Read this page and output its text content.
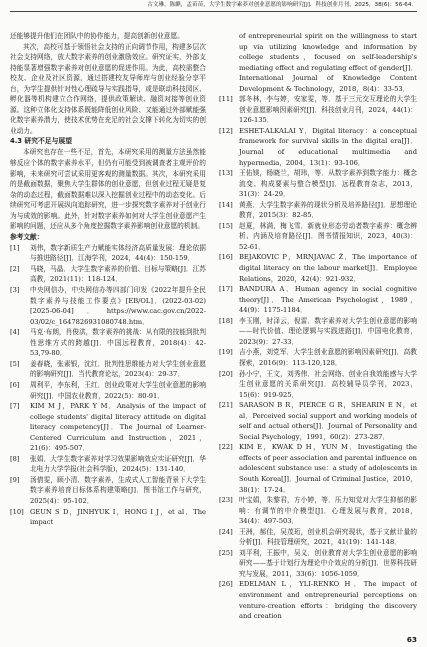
古文琳，陈麒，孟苗苗，大学生数字素养对创业意愿的影响研究[J]．科技创业月刊，2025，38(6)：56-64．

还能够提升他们在团队中的协作能力，提高创新创业意愿。

其次，高校可基于领悟社会支持的正向调节作用，构建多层次社会支持网络，放大数字素养的创业激励效应。研究证实，外部支持能显著增强数字素养对创业意愿的促进作用。为此，高校需整合校友、企业及社区资源，通过搭建校友导师库与创业经验分享平台，为学生提供针对性心理疏导与实践指导，或是联动科技园区、孵化器等机构建立合作网络，提供政策解读、融资对接等创业资源。这种立体化支持体系既能降低创业风险、又能通过外部赋能强化数字素养潜力，使技术优势在充足的社会支撑下转化为切实的创业动力。

4.3 研究不足与展望

本研究也存在一些不足，首先，本研究采用的测量方法虽然能够反应个体的数字素养水平，但仍有可能受到被调查者主观评价的影响，未来研究可尝试采用更客观的测量数据。其次，本研究采用的是截面数据，聚焦大学生群体的创业意愿，但创业过程无疑是复杂的动态过程，截面数据难以深入挖掘创业过程中的动态变化。后续研究可考虑开展纵向追踪研究，进一步探究数字素养对于创业行为与成效的影响。此外，针对数字素养如何对大学生创业意愿产生影响的问题，还应从多个角度挖掘数字素养影响创业意愿的机制。

参考文献：

[1]	刘伟，数字新质生产力赋能实体经济高质量发展：理论依据与推进路径[J]．江海学刊，2024，44(4)：150-159．
[2]	马晓，马晶．大学生数字素养的价值、目标与策略[J]．江苏高教，2021(11)：118-124．
[3]	中央网信办，中央网信办等四部门印发《2022年提升全民数字素养与技能工作要点》[EB/OL]．(2022-03-02)[2025-06-04]．https://www.cac.gov.cn/2022-03/02/c_1647826931080748.htm．
[4]	马克·布朗，肖俊洪，数字素养的挑战：从有限的技能到批判性思维方式的跨越[J]．中国远程教育，2018(4)：42-53,79-80．
[5]	姜春晓，张素银，沈红．批判性思维能力对大学生创业意愿的影响研究[J]．当代教育论坛，2023(4)：29-37．
[6]	周利平，李东利，王红．创业政策对大学生创业意愿的影响研究[J]．中国农业教育，2022(5)：80-91．
[7]	KIM M J，PARK Y M．Analysis of the impact of college students' digital literacy attitude on digital literacy competency[J]．The Journal of Learner-Centered Curriculum and Instruction，2021，21(6)：495-507．
[8]	张娟．大学生数字素养对学习效果影响效应实证研究[J]．华北电力大学学报(社会科学版)，2024(5)：131-140．
[9]	汤倩雯，顾小清．数字素养，生成式人工智能背景下大学生数字素养培育目标体系构建策略[J]．图书馆工作与研究，2025(4)：95-102．
[10] GEUN S D，JINHYUK I，HONG I J，et al．The impact
of entrepreneurial spirit on the willingness to start up via utilizing knowledge and information by college students，focused on self-leadership's mediating effect and regulating effect of gender[J]．International Journal of Knowledge Content Development & Technology，2018，8(4)：33-53．
[11] 郭冬林，李与婷，安家雯，等．基于三元交互理论的大学生创业意愿影响因素研究[J]．科技创业月刊，2024，44(1)：126-135．
[12] ESHET-ALKALAI Y．Digital literacy：a conceptual framework for survival skills in the digital era[J]．Journal of educational multimedia and hypermedia，2004，13(1)：93-106．
[13] 王佑镁，杨晓兰，胡玮，等．从数字素养到数字能力：概念流变、构成要素与整合模型[J]．远程教育杂志，2013，31(3)：24-29．
[14] 黄燕．大学生数字素养的现状分析及培养路径[J]．思想理论教育，2015(3)：82-85．
[15] 赵夏，林满，梅飞雪．新就业形态劳动者数字素养：概念辨析、内涵及培育路径[J]．图书情报知识，2023，40(3)：52-61．
[16] BEJAKOVIC P，MRNJAVAC Ž．The importance of digital literacy on the labour market[J]．Employee Relations，2020，42(4)：921-932．
[17] BANDURA A．Human agency in social cognitive theory[J]．The American Psychologist，1989，44(9)：1175-1184．
[18] 李玉刚，时泽云，倪雷．数字素养对大学生创业意愿的影响——时代价值、理论逻辑与实践进路[J]．中国电化教育，2023(9)：27-33．
[19] 吉小燕，刘党军．大学生创业意愿的影响因素研究[J]．高教探索，2016(9)：113-120,128．
[20] 孙小宁，王文，刘秀伟．社会网络、创业自我效能感与大学生创业意愿的关系研究[J]．高校辅导员学刊，2023，15(6)：919-925．
[21] SARASON B R，PIERCE G R，SHEARIN E N，et al．Perceived social support and working models of self and actual others[J]．Journal of Personality and Social Psychology，1991，60(2)：273-287．
[22] KIM E，KWAK D H，YUN M．Investigating the effects of peer association and parental influence on adolescent substance use：a study of adolescents in South Korea[J]．Journal of Criminal Justice，2010，38(1)：17-24．
[23] 叶宝娟，朱黎君，方小婷，等．压力知觉对大学生抑郁的影响：有调节的中介模型[J]．心理发展与教育，2018，34(4)：497-503．
[24] 王洲，郝佳，吴茂珩，创业机会研究现状，基于文献计量的分析[J]．科技管理研究，2021，41(19)：141-148．
[25] 刘平利，王振中，吴义．创业教育对大学生创业意愿的影响研究——基于计划行为理论中介效应的分析[J]．世界科技研究与发展，2011，33(6)：1056-1059．
[26] EDELMAN L，YLI-RENKO H．The impact of environment and entrepreneurial perceptions on venture-creation efforts：bridging the discovery and creation
63
